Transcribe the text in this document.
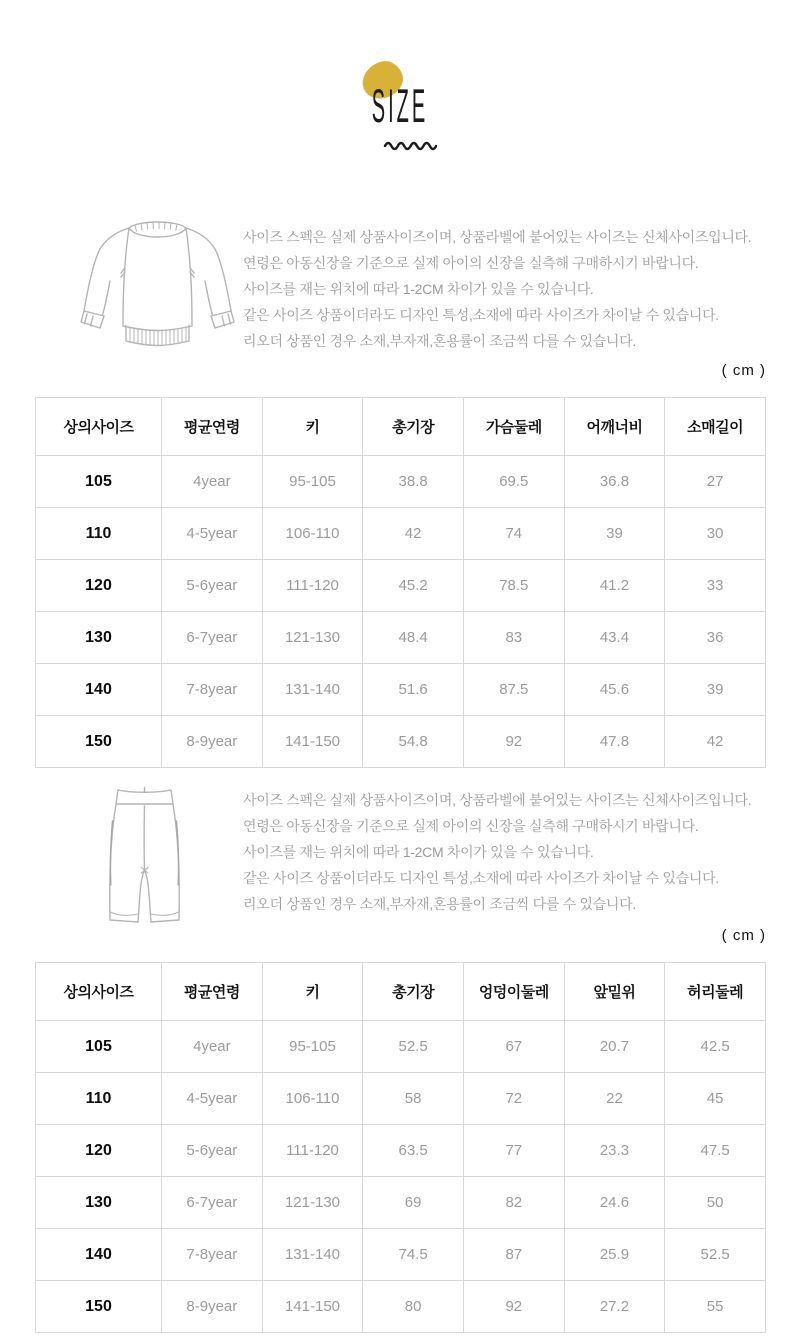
SIZE
사이즈 스펙은 실제 상품사이즈이며, 상품라벨에 붙어있는 사이즈는 신체사이즈입니다.
연령은 아동신장을 기준으로 실제 아이의 신장을 실측해 구매하시기 바랍니다.
사이즈를 재는 위치에 따라 1-2CM 차이가 있을 수 있습니다.
같은 사이즈 상품이더라도 디자인 특성,소재에 따라 사이즈가 차이날 수 있습니다.
리오더 상품인 경우 소재,부자재,혼용률이 조금씩 다를 수 있습니다.
( cm )
상의사이즈	평균연령	키	총기장	가슴둘레	어깨너비	소매길이
105	4year	95-105	38.8	69.5	36.8	27
110	4-5year	106-110	42	74	39	30
120	5-6year	111-120	45.2	78.5	41.2	33
130	6-7year	121-130	48.4	83	43.4	36
140	7-8year	131-140	51.6	87.5	45.6	39
150	8-9year	141-150	54.8	92	47.8	42
사이즈 스펙은 실제 상품사이즈이며, 상품라벨에 붙어있는 사이즈는 신체사이즈입니다.
연령은 아동신장을 기준으로 실제 아이의 신장을 실측해 구매하시기 바랍니다.
사이즈를 재는 위치에 따라 1-2CM 차이가 있을 수 있습니다.
같은 사이즈 상품이더라도 디자인 특성,소재에 따라 사이즈가 차이날 수 있습니다.
리오더 상품인 경우 소재,부자재,혼용률이 조금씩 다를 수 있습니다.
( cm )
상의사이즈	평균연령	키	총기장	엉덩이둘레	앞밑위	허리둘레
105	4year	95-105	52.5	67	20.7	42.5
110	4-5year	106-110	58	72	22	45
120	5-6year	111-120	63.5	77	23.3	47.5
130	6-7year	121-130	69	82	24.6	50
140	7-8year	131-140	74.5	87	25.9	52.5
150	8-9year	141-150	80	92	27.2	55
